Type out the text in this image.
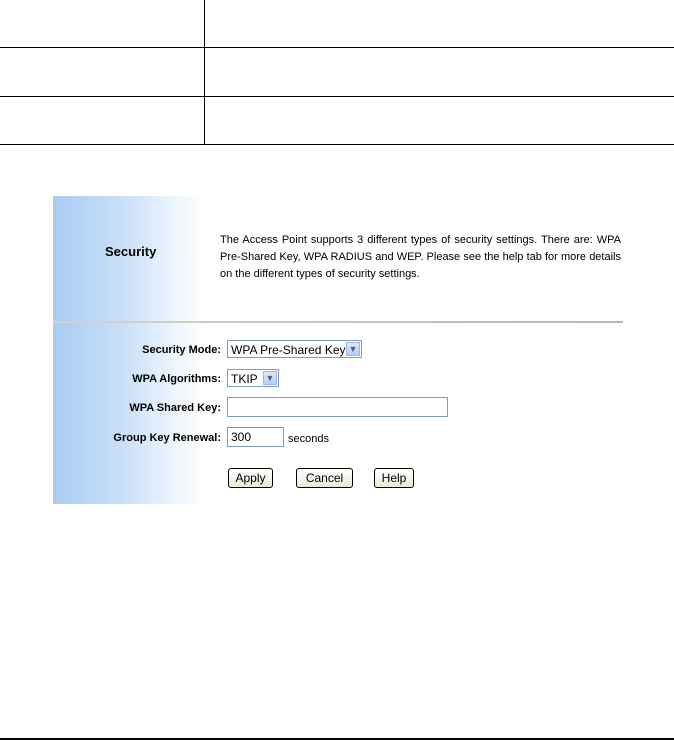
Security
The Access Point supports 3 different types of security settings. There are: WPA Pre-Shared Key, WPA RADIUS and WEP. Please see the help tab for more details on the different types of security settings.
Security Mode: WPA Pre-Shared Key ▼
WPA Algorithms: TKIP ▼
WPA Shared Key:
Group Key Renewal: 300	seconds
Apply	Cancel	Help
